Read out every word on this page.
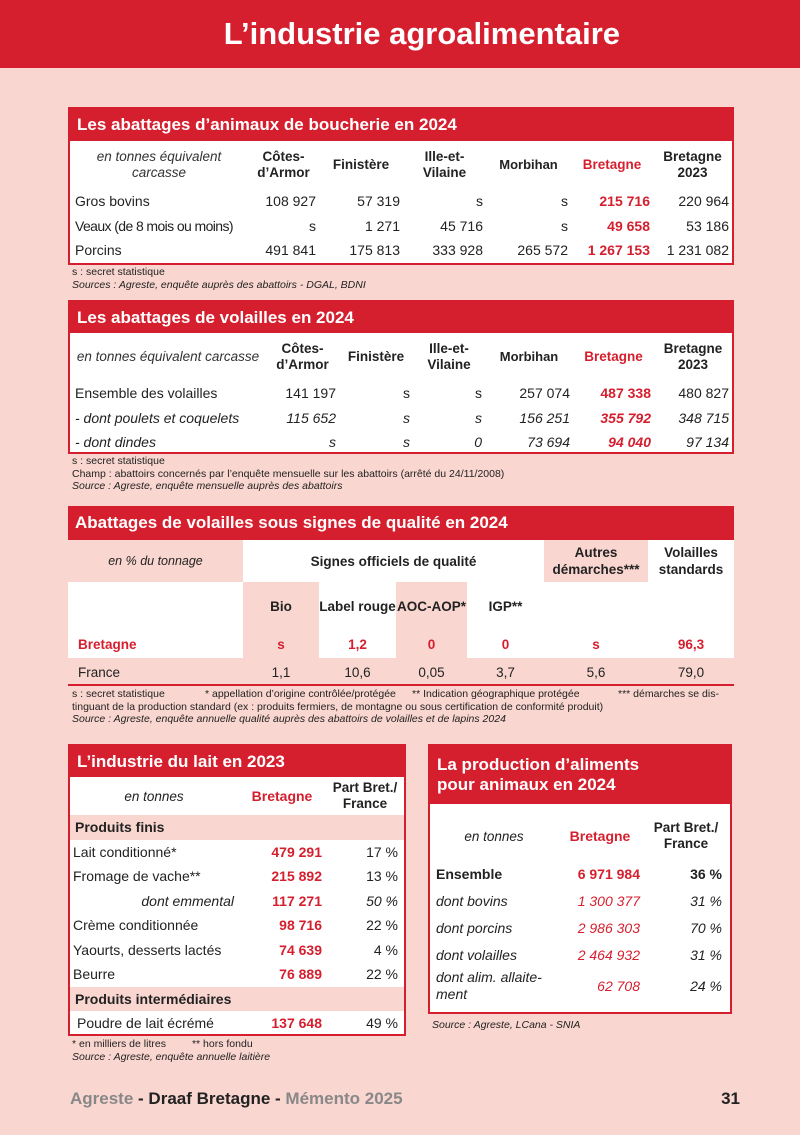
L’industrie agroalimentaire
Les abattages d’animaux de boucherie en 2024
en tonnes équivalent carcasse	Côtes-d’Armor	Finistère	Ille-et-Vilaine	Morbihan	Bretagne	Bretagne 2023
Gros bovins	108 927	57 319	s	s	215 716	220 964
Veaux (de 8 mois ou moins)	s	1 271	45 716	s	49 658	53 186
Porcins	491 841	175 813	333 928	265 572	1 267 153	1 231 082
s : secret statistique
Sources : Agreste, enquête auprès des abattoirs - DGAL, BDNI
Les abattages de volailles en 2024
en tonnes équivalent carcasse	Côtes-d’Armor	Finistère	Ille-et-Vilaine	Morbihan	Bretagne	Bretagne 2023
Ensemble des volailles	141 197	s	s	257 074	487 338	480 827
- dont poulets et coquelets	115 652	s	s	156 251	355 792	348 715
- dont dindes	s	s	0	73 694	94 040	97 134
s : secret statistique
Champ : abattoirs concernés par l’enquête mensuelle sur les abattoirs (arrêté du 24/11/2008)
Source : Agreste, enquête mensuelle auprès des abattoirs
Abattages de volailles sous signes de qualité en 2024
en % du tonnage	Signes officiels de qualité				Autres démarches***	Volailles standards
	Bio	Label rouge	AOC-AOP*	IGP**		
Bretagne	s	1,2	0	0	s	96,3
France	1,1	10,6	0,05	3,7	5,6	79,0
s : secret statistique	* appellation d’origine contrôlée/protégée ** Indication géographique protégée	*** démarches se dis-
tinguant de la production standard (ex : produits fermiers, de montagne ou sous certification de conformité produit)
Source : Agreste, enquête annuelle qualité auprès des abattoirs de volailles et de lapins 2024
L’industrie du lait en 2023
en tonnes	Bretagne	Part Bret./ France
Produits finis		
Lait conditionné*	479 291	17 %
Fromage de vache**	215 892	13 %
dont emmental	117 271	50 %
Crème conditionnée	98 716	22 %
Yaourts, desserts lactés	74 639	4 %
Beurre	76 889	22 %
Produits intermédiaires		
Poudre de lait écrémé	137 648	49 %
* en milliers de litres ** hors fondu
Source : Agreste, enquête annuelle laitière
La production d’aliments
pour animaux en 2024
en tonnes	Bretagne	Part Bret./ France
Ensemble	6 971 984	36 %
dont bovins	1 300 377	31 %
dont porcins	2 986 303	70 %
dont volailles	2 464 932	31 %
dont alim. allaite-ment	62 708	24 %
Source : Agreste, LCana - SNIA
Agreste - Draaf Bretagne - Mémento 2025	31
